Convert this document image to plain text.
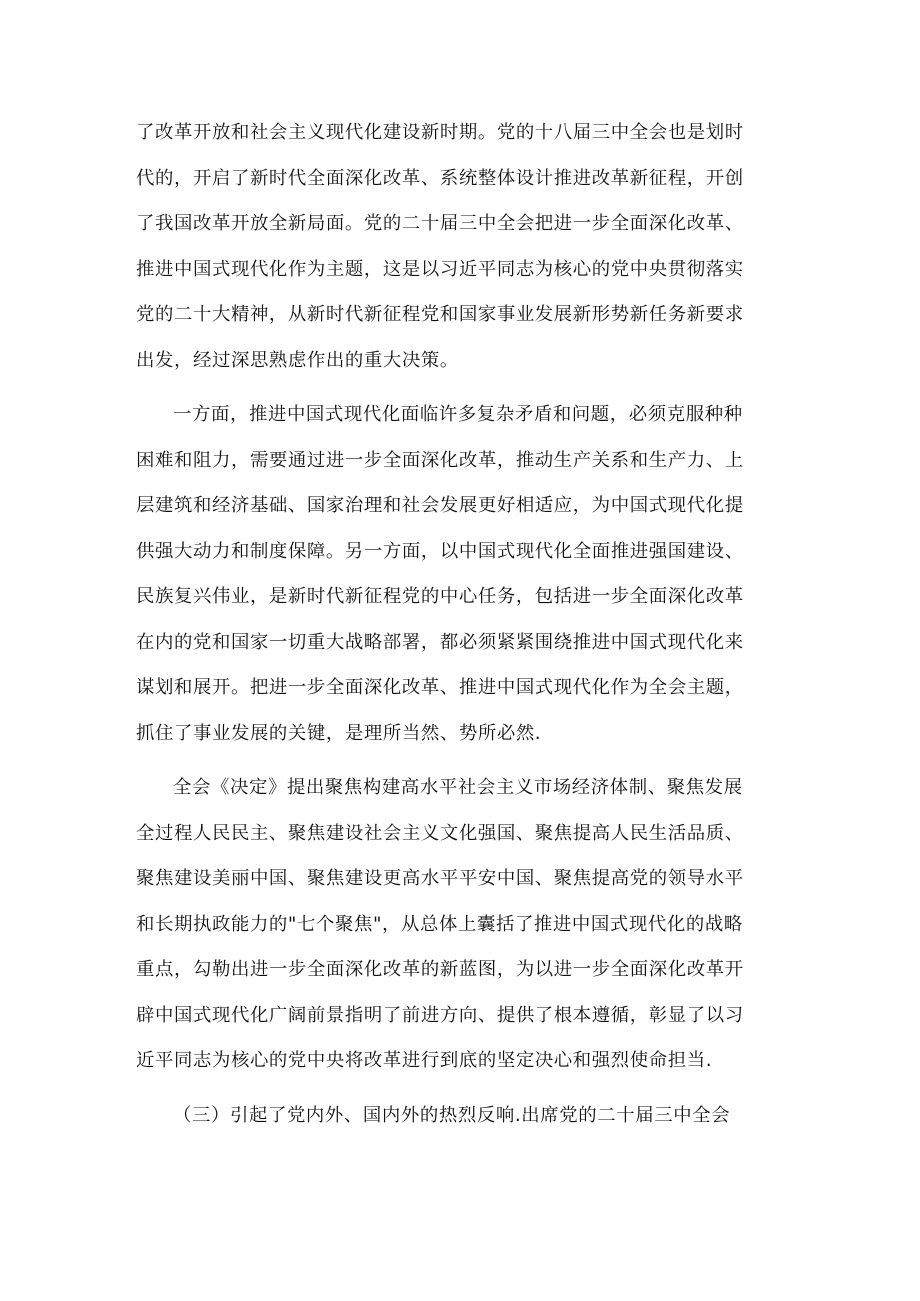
了改革开放和社会主义现代化建设新时期。党的十八届三中全会也是划时
代的，开启了新时代全面深化改革、系统整体设计推进改革新征程，开创
了我国改革开放全新局面。党的二十届三中全会把进一步全面深化改革、
推进中国式现代化作为主题，这是以习近平同志为核心的党中央贯彻落实
党的二十大精神，从新时代新征程党和国家事业发展新形势新任务新要求
出发，经过深思熟虑作出的重大决策。
一方面，推进中国式现代化面临许多复杂矛盾和问题，必须克服种种
困难和阻力，需要通过进一步全面深化改革，推动生产关系和生产力、上
层建筑和经济基础、国家治理和社会发展更好相适应，为中国式现代化提
供强大动力和制度保障。另一方面，以中国式现代化全面推进强国建设、
民族复兴伟业，是新时代新征程党的中心任务，包括进一步全面深化改革
在内的党和国家一切重大战略部署，都必须紧紧围绕推进中国式现代化来
谋划和展开。把进一步全面深化改革、推进中国式现代化作为全会主题，
抓住了事业发展的关键，是理所当然、势所必然.
全会《决定》提出聚焦构建高水平社会主义市场经济体制、聚焦发展
全过程人民民主、聚焦建设社会主义文化强国、聚焦提高人民生活品质、
聚焦建设美丽中国、聚焦建设更高水平平安中国、聚焦提高党的领导水平
和长期执政能力的"七个聚焦"，从总体上囊括了推进中国式现代化的战略
重点，勾勒出进一步全面深化改革的新蓝图，为以进一步全面深化改革开
辟中国式现代化广阔前景指明了前进方向、提供了根本遵循，彰显了以习
近平同志为核心的党中央将改革进行到底的坚定决心和强烈使命担当.
（三）引起了党内外、国内外的热烈反响.出席党的二十届三中全会
